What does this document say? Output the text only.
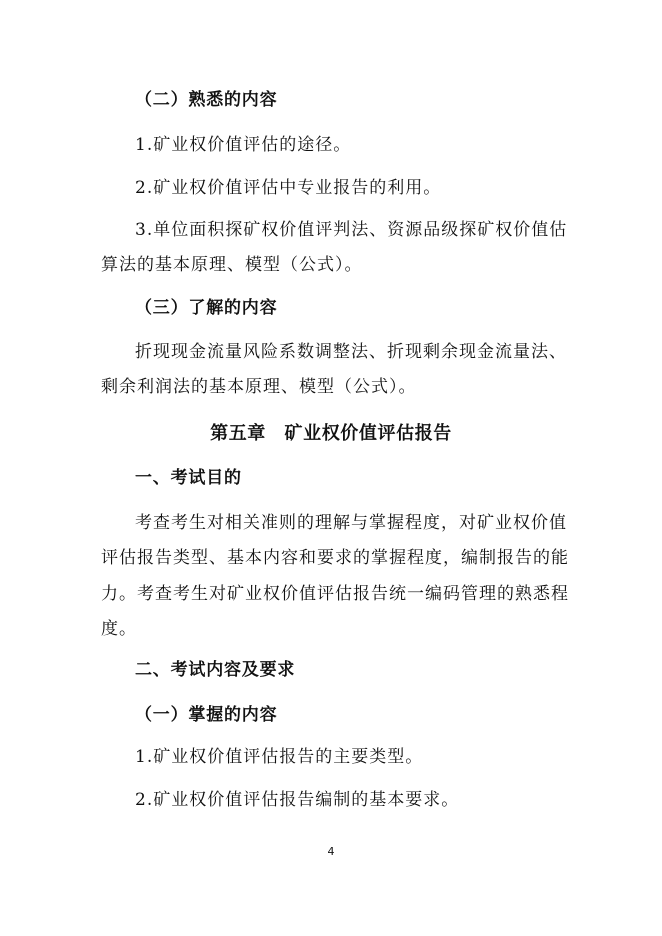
（二）熟悉的内容
1.矿业权价值评估的途径。
2.矿业权价值评估中专业报告的利用。
3.单位面积探矿权价值评判法、资源品级探矿权价值估
算法的基本原理、模型（公式）。
（三）了解的内容
折现现金流量风险系数调整法、折现剩余现金流量法、
剩余利润法的基本原理、模型（公式）。
第五章　矿业权价值评估报告
一、考试目的
考查考生对相关准则的理解与掌握程度，对矿业权价值
评估报告类型、基本内容和要求的掌握程度，编制报告的能
力。考查考生对矿业权价值评估报告统一编码管理的熟悉程
度。
二、考试内容及要求
（一）掌握的内容
1.矿业权价值评估报告的主要类型。
2.矿业权价值评估报告编制的基本要求。
4
